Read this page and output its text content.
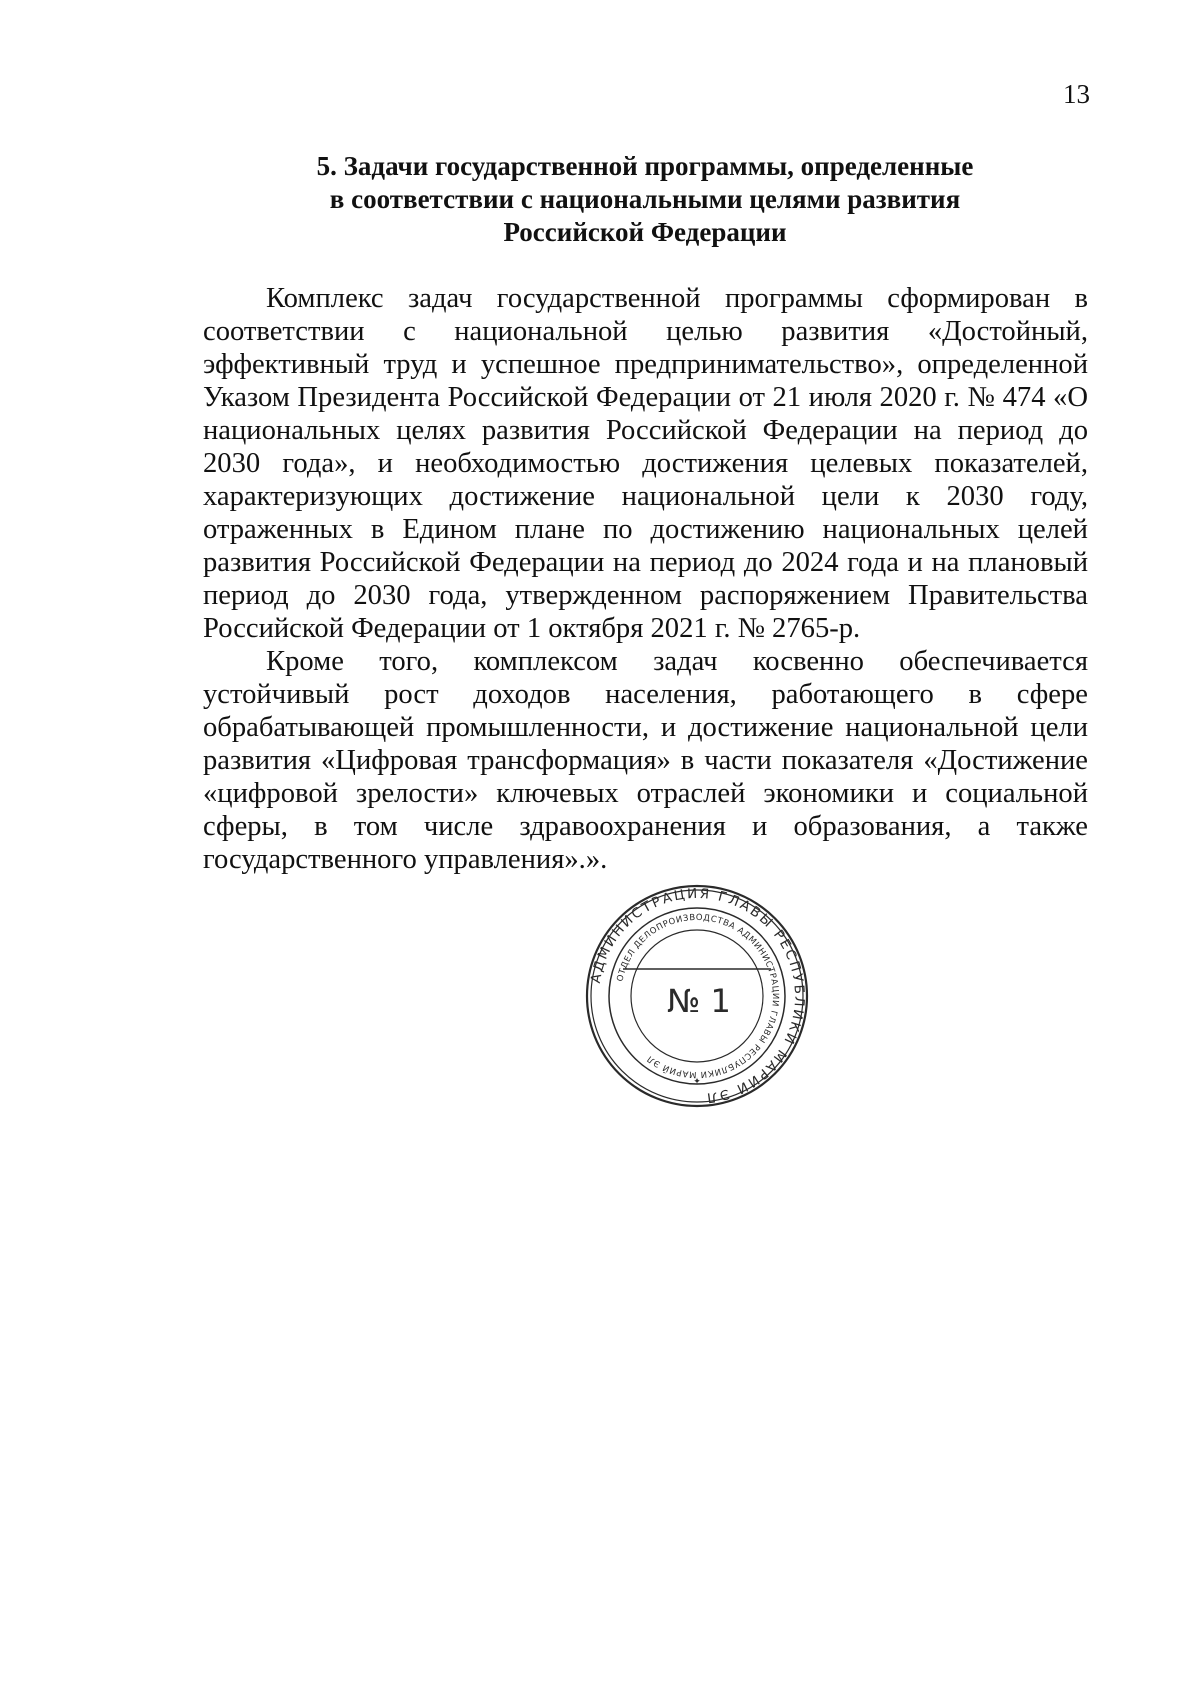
13
5. Задачи государственной программы, определенные
в соответствии с национальными целями развития
Российской Федерации

Комплекс задач государственной программы сформирован в соответствии с национальной целью развития «Достойный, эффективный труд и успешное предпринимательство», определенной Указом Президента Российской Федерации от 21 июля 2020 г. № 474 «О национальных целях развития Российской Федерации на период до 2030 года», и необходимостью достижения целевых показателей, характеризующих достижение национальной цели к 2030 году, отраженных в Едином плане по достижению национальных целей развития Российской Федерации на период до 2024 года и на плановый период до 2030 года, утвержденном распоряжением Правительства Российской Федерации от 1 октября 2021 г. № 2765-р.

Кроме того, комплексом задач косвенно обеспечивается устойчивый рост доходов населения, работающего в сфере обрабатывающей промышленности, и достижение национальной цели развития «Цифровая трансформация» в части показателя «Достижение «цифровой зрелости» ключевых отраслей экономики и социальной сферы, в том числе здравоохранения и образования, а также государственного управления».».

АДМИНИСТРАЦИЯ ГЛАВЫ РЕСПУБЛИКИ МАРИЙ ЭЛ
ОТДЕЛ ДЕЛОПРОИЗВОДСТВА АДМИНИСТРАЦИИ ГЛАВЫ РЕСПУБЛИКИ МАРИЙ ЭЛ
№ 1
✦
